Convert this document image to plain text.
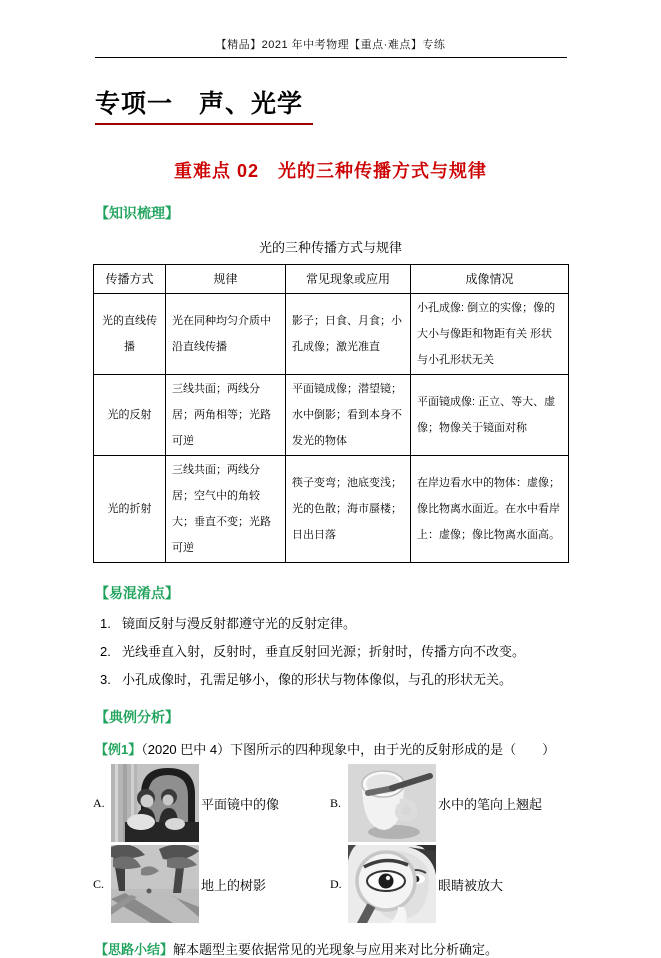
【精品】2021 年中考物理【重点·难点】专练
专项一　声、光学
重难点 02　光的三种传播方式与规律
【知识梳理】
光的三种传播方式与规律
传播方式	规律	常见现象或应用	成像情况
光的直线传播	光在同种均匀介质中沿直线传播	影子；日食、月食；小孔成像；激光准直	小孔成像: 倒立的实像；像的大小与像距和物距有关 形状与小孔形状无关
光的反射	三线共面；两线分居；两角相等；光路可逆	平面镜成像；潜望镜；水中倒影；看到本身不发光的物体	平面镜成像: 正立、等大、虚像；物像关于镜面对称
光的折射	三线共面；两线分居；空气中的角较大；垂直不变；光路可逆	筷子变弯；池底变浅；光的色散；海市蜃楼；日出日落	在岸边看水中的物体：虚像；像比物离水面近。在水中看岸上：虚像；像比物离水面高。
【易混淆点】
1. 镜面反射与漫反射都遵守光的反射定律。
2. 光线垂直入射，反射时，垂直反射回光源；折射时，传播方向不改变。
3. 小孔成像时，孔需足够小，像的形状与物体像似，与孔的形状无关。
【典例分析】
【例1】（2020 巴中 4）下图所示的四种现象中，由于光的反射形成的是（　　）
A.	平面镜中的像	B.	水中的笔向上翘起
C.	地上的树影	D.	眼睛被放大
【思路小结】解本题型主要依据常见的光现象与应用来对比分析确定。
